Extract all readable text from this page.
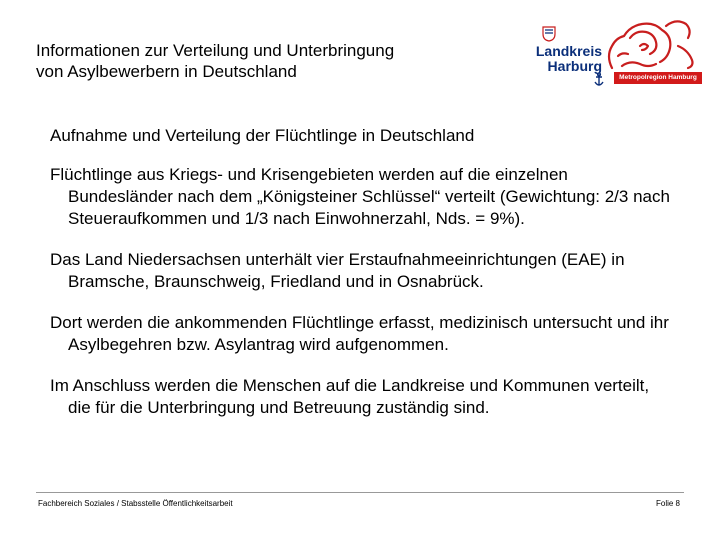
Informationen zur Verteilung und Unterbringung
von Asylbewerbern in Deutschland
Landkreis
Harburg
Metropolregion Hamburg
Aufnahme und Verteilung der Flüchtlinge in Deutschland

Flüchtlinge aus Kriegs- und Krisengebieten werden auf die einzelnen Bundesländer nach dem „Königsteiner Schlüssel“ verteilt (Gewichtung: 2/3 nach Steueraufkommen und 1/3 nach Einwohnerzahl, Nds. = 9%).

Das Land Niedersachsen unterhält vier Erstaufnahmeeinrichtungen (EAE) in Bramsche, Braunschweig, Friedland und in Osnabrück.

Dort werden die ankommenden Flüchtlinge erfasst, medizinisch untersucht und ihr Asylbegehren bzw. Asylantrag wird aufgenommen.

Im Anschluss werden die Menschen auf die Landkreise und Kommunen verteilt, die für die Unterbringung und Betreuung zuständig sind.

Fachbereich Soziales / Stabsstelle Öffentlichkeitsarbeit	Folie 8
